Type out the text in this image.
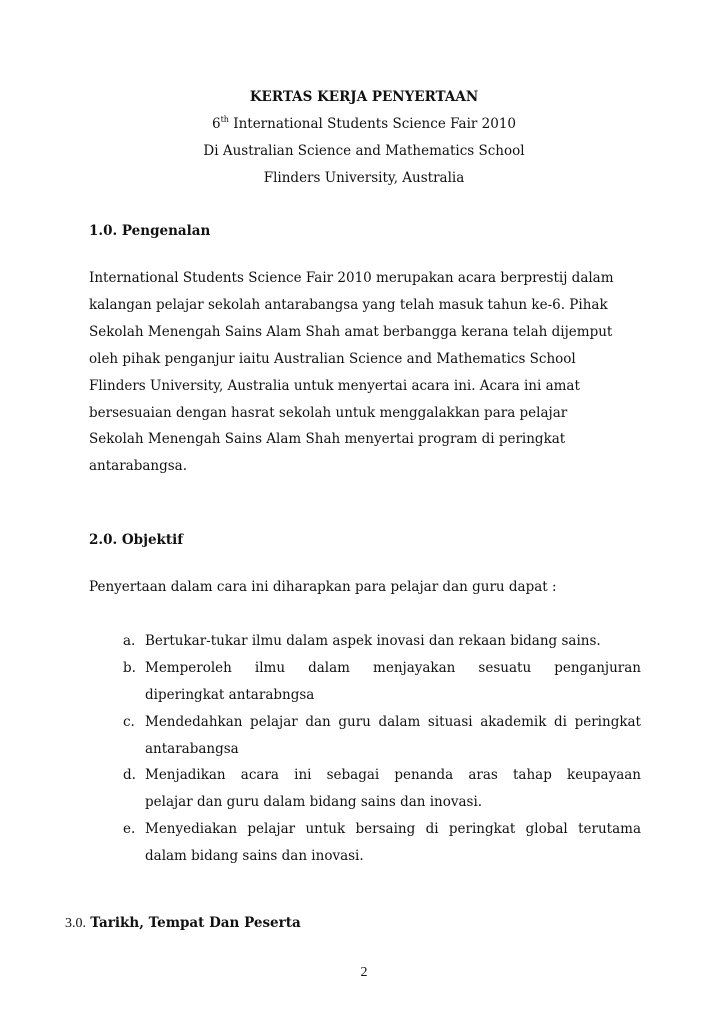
KERTAS KERJA PENYERTAAN
6th International Students Science Fair 2010
Di Australian Science and Mathematics School
Flinders University, Australia
1.0. Pengenalan
International Students Science Fair 2010 merupakan acara berprestij dalam
kalangan pelajar sekolah antarabangsa yang telah masuk tahun ke-6. Pihak
Sekolah Menengah Sains Alam Shah amat berbangga kerana telah dijemput
oleh pihak penganjur iaitu Australian Science and Mathematics School
Flinders University, Australia untuk menyertai acara ini. Acara ini amat
bersesuaian dengan hasrat sekolah untuk menggalakkan para pelajar
Sekolah Menengah Sains Alam Shah menyertai program di peringkat
antarabangsa.
2.0. Objektif
Penyertaan dalam cara ini diharapkan para pelajar dan guru dapat :
a. Bertukar-tukar ilmu dalam aspek inovasi dan rekaan bidang sains.
b. Memperoleh ilmu dalam menjayakan sesuatu penganjuran
diperingkat antarabngsa
c. Mendedahkan pelajar dan guru dalam situasi akademik di peringkat
antarabangsa
d. Menjadikan acara ini sebagai penanda aras tahap keupayaan
pelajar dan guru dalam bidang sains dan inovasi.
e. Menyediakan pelajar untuk bersaing di peringkat global terutama
dalam bidang sains dan inovasi.
3.0. Tarikh, Tempat Dan Peserta
2
